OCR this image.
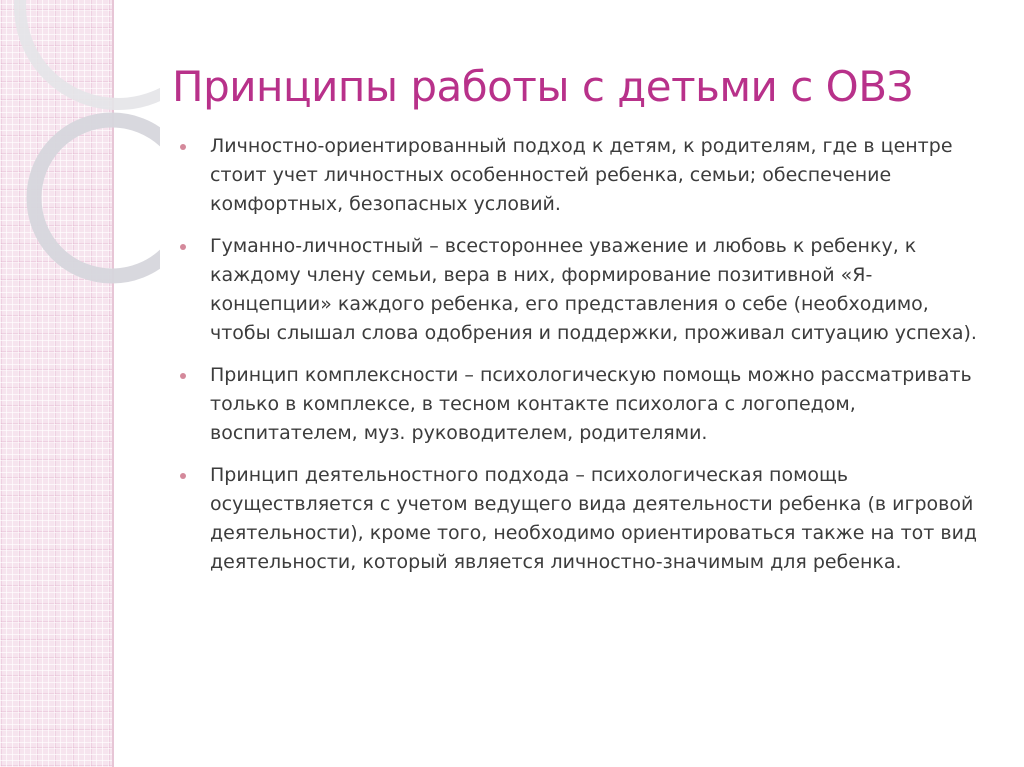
Принципы работы с детьми с ОВЗ
Личностно-ориентированный подход к детям, к родителям, где в центре стоит учет личностных особенностей ребенка, семьи; обеспечение комфортных, безопасных условий.
Гуманно-личностный – всестороннее уважение и любовь к ребенку, к каждому члену семьи, вера в них, формирование позитивной «Я-концепции» каждого ребенка, его представления о себе (необходимо, чтобы слышал слова одобрения и поддержки, проживал ситуацию успеха).
Принцип комплексности – психологическую помощь можно рассматривать только в комплексе, в тесном контакте психолога с логопедом, воспитателем, муз. руководителем, родителями.
Принцип деятельностного подхода – психологическая помощь осуществляется с учетом ведущего вида деятельности ребенка (в игровой деятельности), кроме того, необходимо ориентироваться также на тот вид деятельности, который является личностно-значимым для ребенка.
